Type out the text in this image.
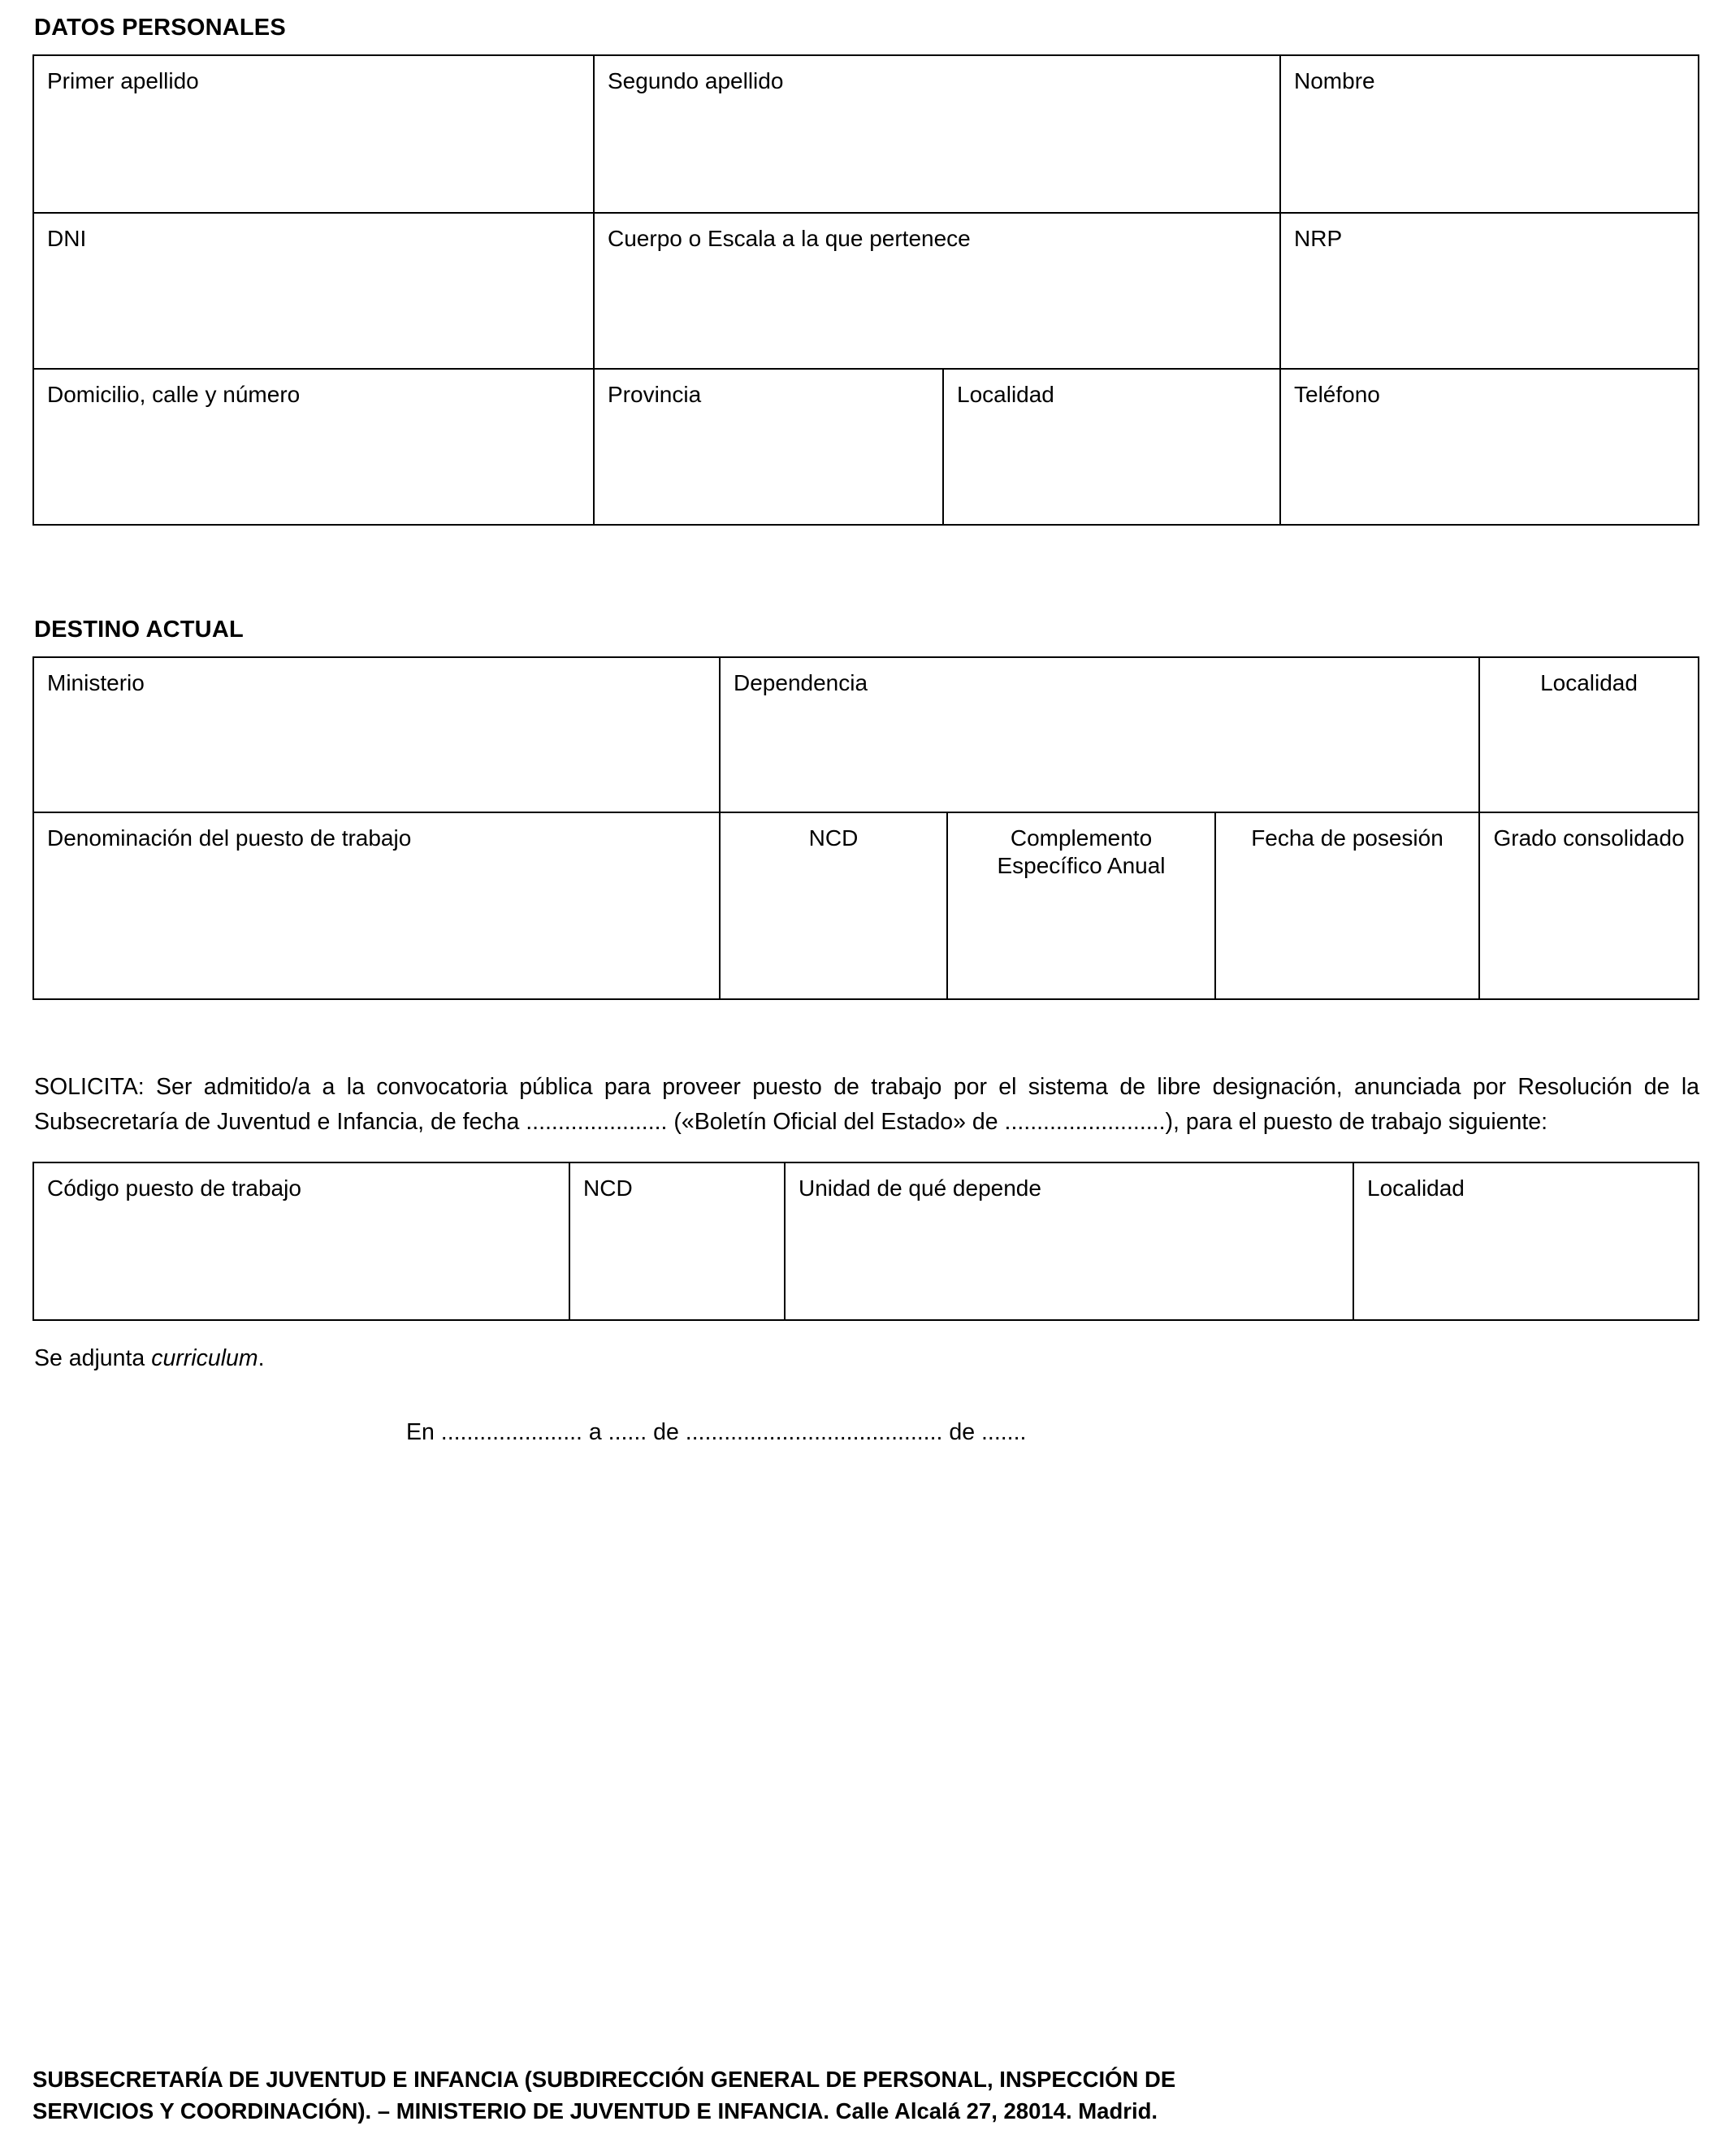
DATOS PERSONALES
Primer apellido	Segundo apellido		Nombre
DNI	Cuerpo o Escala a la que pertenece		NRP
Domicilio, calle y número	Provincia	Localidad	Teléfono
DESTINO ACTUAL
Ministerio	Dependencia			Localidad
Denominación del puesto de trabajo	NCD	Complemento Específico Anual	Fecha de posesión	Grado consolidado

SOLICITA: Ser admitido/a a la convocatoria pública para proveer puesto de trabajo por el sistema de libre designación, anunciada por Resolución de la Subsecretaría de Juventud e Infancia, de fecha ...................... («Boletín Oficial del Estado» de .........................), para el puesto de trabajo siguiente:

Código puesto de trabajo	NCD	Unidad de qué depende	Localidad

Se adjunta curriculum.

En ...................... a ...... de ........................................ de .......

SUBSECRETARÍA DE JUVENTUD E INFANCIA (SUBDIRECCIÓN GENERAL DE PERSONAL, INSPECCIÓN DE
SERVICIOS Y COORDINACIÓN). – MINISTERIO DE JUVENTUD E INFANCIA. Calle Alcalá 27, 28014. Madrid.
